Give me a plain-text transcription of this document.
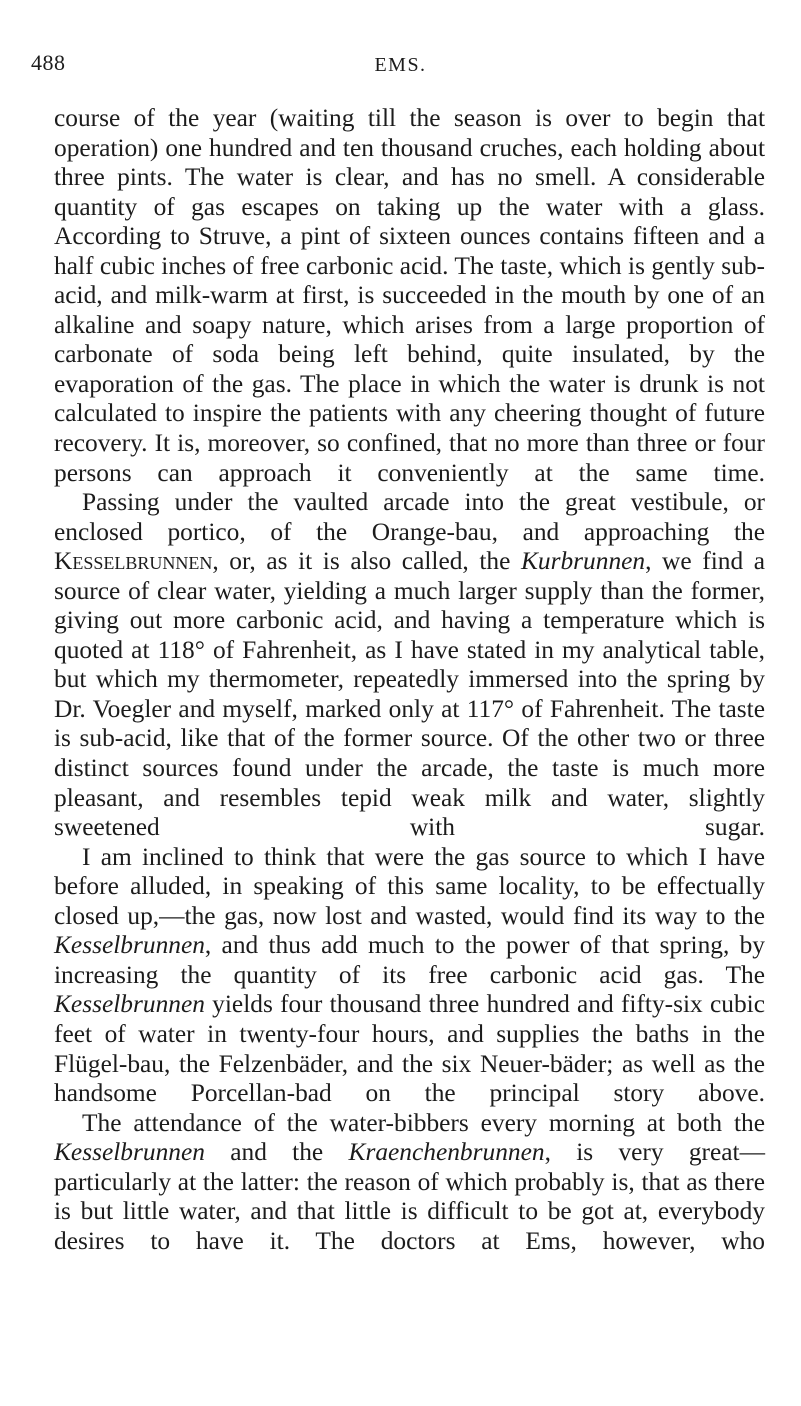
488	EMS.

course of the year (waiting till the season is over to begin that operation) one hundred and ten thousand cruches, each holding about three pints. The water is clear, and has no smell. A considerable quantity of gas escapes on taking up the water with a glass. According to Struve, a pint of sixteen ounces contains fifteen and a half cubic inches of free carbonic acid. The taste, which is gently sub-acid, and milk-warm at first, is succeeded in the mouth by one of an alkaline and soapy nature, which arises from a large proportion of carbonate of soda being left behind, quite insulated, by the evaporation of the gas. The place in which the water is drunk is not calculated to inspire the patients with any cheering thought of future recovery. It is, moreover, so confined, that no more than three or four persons can approach it conveniently at the same time.

Passing under the vaulted arcade into the great vestibule, or enclosed portico, of the Orange-bau, and approaching the Kesselbrunnen, or, as it is also called, the Kurbrunnen, we find a source of clear water, yielding a much larger supply than the former, giving out more carbonic acid, and having a temperature which is quoted at 118° of Fahrenheit, as I have stated in my analytical table, but which my thermometer, repeatedly immersed into the spring by Dr. Voegler and myself, marked only at 117° of Fahrenheit. The taste is sub-acid, like that of the former source. Of the other two or three distinct sources found under the arcade, the taste is much more pleasant, and resembles tepid weak milk and water, slightly sweetened with sugar.

I am inclined to think that were the gas source to which I have before alluded, in speaking of this same locality, to be effectually closed up,—the gas, now lost and wasted, would find its way to the Kesselbrunnen, and thus add much to the power of that spring, by increasing the quantity of its free carbonic acid gas. The Kesselbrunnen yields four thousand three hundred and fifty-six cubic feet of water in twenty-four hours, and supplies the baths in the Flügel-bau, the Felzenbäder, and the six Neuer-bäder; as well as the handsome Porcellan-bad on the principal story above.

The attendance of the water-bibbers every morning at both the Kesselbrunnen and the Kraenchenbrunnen, is very great—particularly at the latter: the reason of which probably is, that as there is but little water, and that little is difficult to be got at, everybody desires to have it. The doctors at Ems, however, who
